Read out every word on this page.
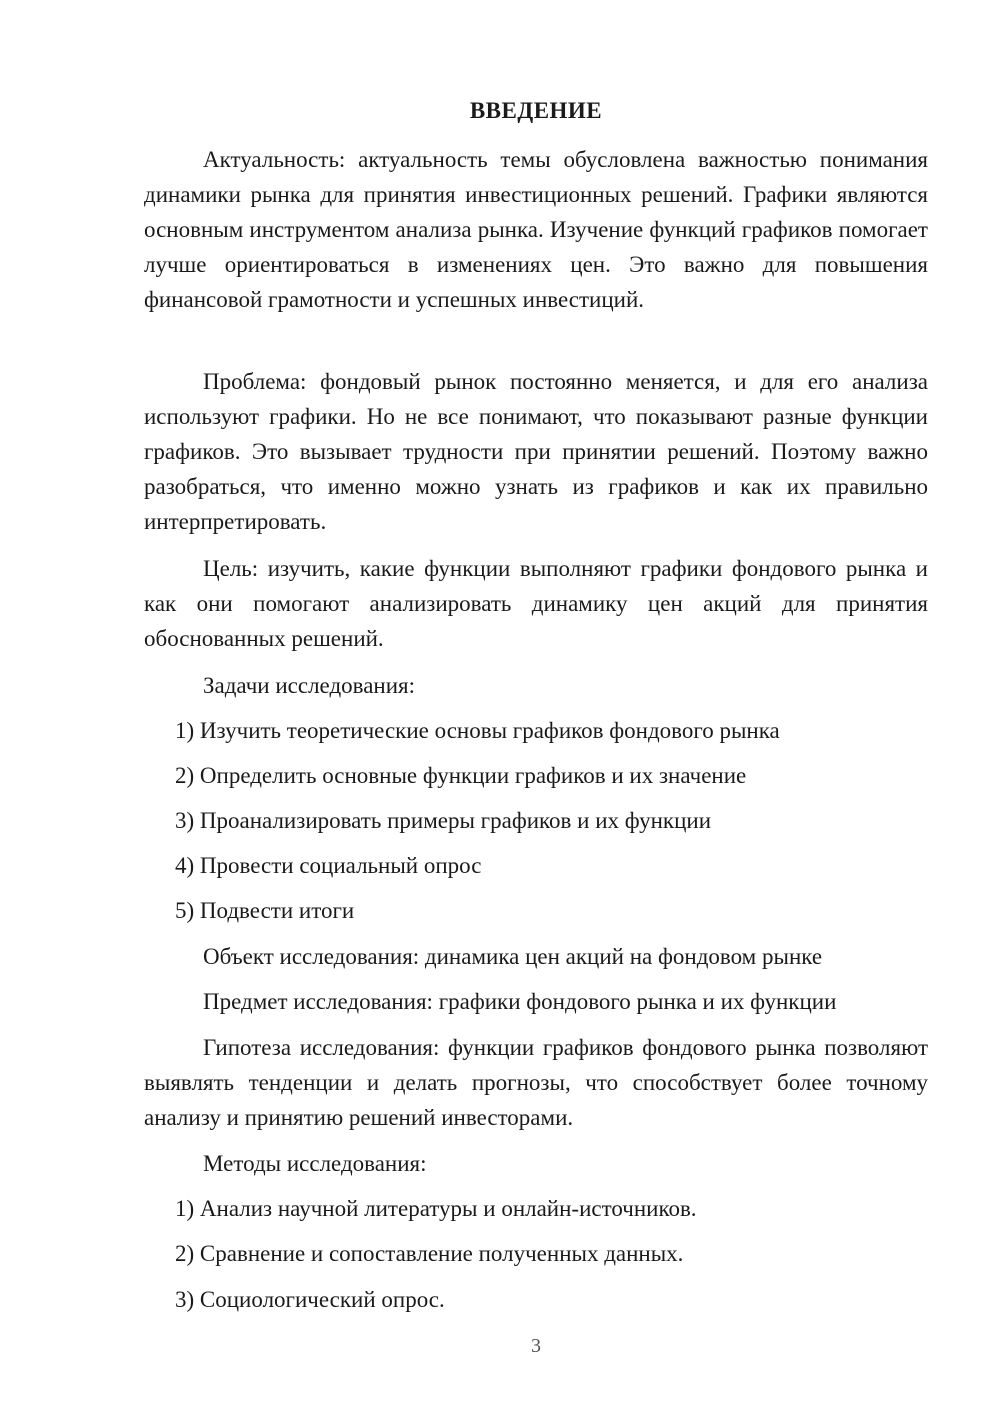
ВВЕДЕНИЕ

Актуальность: актуальность темы обусловлена важностью понимания динамики рынка для принятия инвестиционных решений. Графики являются основным инструментом анализа рынка. Изучение функций графиков помогает лучше ориентироваться в изменениях цен. Это важно для повышения финансовой грамотности и успешных инвестиций.

Проблема: фондовый рынок постоянно меняется, и для его анализа используют графики. Но не все понимают, что показывают разные функции графиков. Это вызывает трудности при принятии решений. Поэтому важно разобраться, что именно можно узнать из графиков и как их правильно интерпретировать.

Цель: изучить, какие функции выполняют графики фондового рынка и как они помогают анализировать динамику цен акций для принятия обоснованных решений.

Задачи исследования:

1) Изучить теоретические основы графиков фондового рынка

2) Определить основные функции графиков и их значение

3) Проанализировать примеры графиков и их функции

4) Провести социальный опрос

5) Подвести итоги

Объект исследования: динамика цен акций на фондовом рынке

Предмет исследования: графики фондового рынка и их функции

Гипотеза исследования: функции графиков фондового рынка позволяют выявлять тенденции и делать прогнозы, что способствует более точному анализу и принятию решений инвесторами.

Методы исследования:

1) Анализ научной литературы и онлайн-источников.

2) Сравнение и сопоставление полученных данных.

3) Социологический опрос.

3
